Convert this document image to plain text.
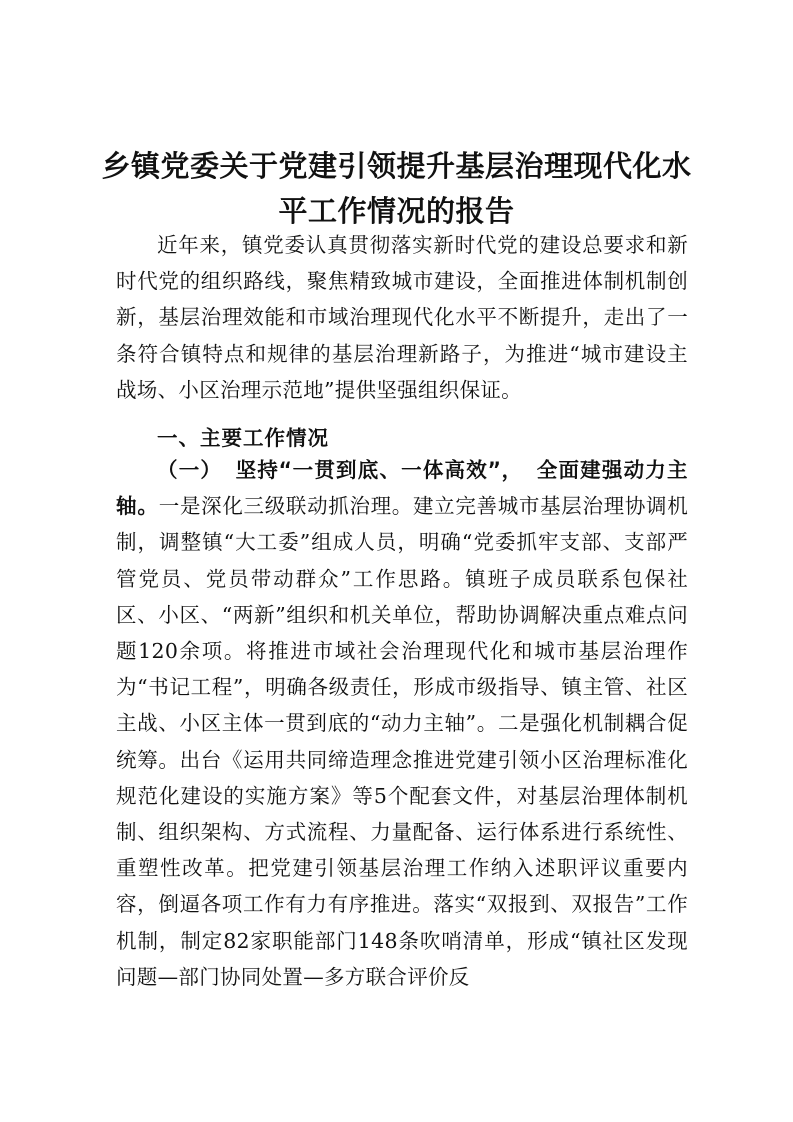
乡镇党委关于党建引领提升基层治理现代化水平工作情况的报告

近年来，镇党委认真贯彻落实新时代党的建设总要求和新时代党的组织路线，聚焦精致城市建设，全面推进体制机制创新，基层治理效能和市域治理现代化水平不断提升，走出了一条符合镇特点和规律的基层治理新路子，为推进“城市建设主战场、小区治理示范地”提供坚强组织保证。

一、主要工作情况

（一） 坚持“一贯到底、一体高效”， 全面建强动力主轴。一是深化三级联动抓治理。建立完善城市基层治理协调机制，调整镇“大工委”组成人员，明确“党委抓牢支部、支部严管党员、党员带动群众”工作思路。镇班子成员联系包保社区、小区、“两新”组织和机关单位，帮助协调解决重点难点问题120余项。将推进市域社会治理现代化和城市基层治理作为“书记工程”，明确各级责任，形成市级指导、镇主管、社区主战、小区主体一贯到底的“动力主轴”。二是强化机制耦合促统筹。出台《运用共同缔造理念推进党建引领小区治理标准化规范化建设的实施方案》等5个配套文件，对基层治理体制机制、组织架构、方式流程、力量配备、运行体系进行系统性、重塑性改革。把党建引领基层治理工作纳入述职评议重要内容，倒逼各项工作有力有序推进。落实“双报到、双报告”工作机制，制定82家职能部门148条吹哨清单，形成“镇社区发现问题—部门协同处置—多方联合评价反
